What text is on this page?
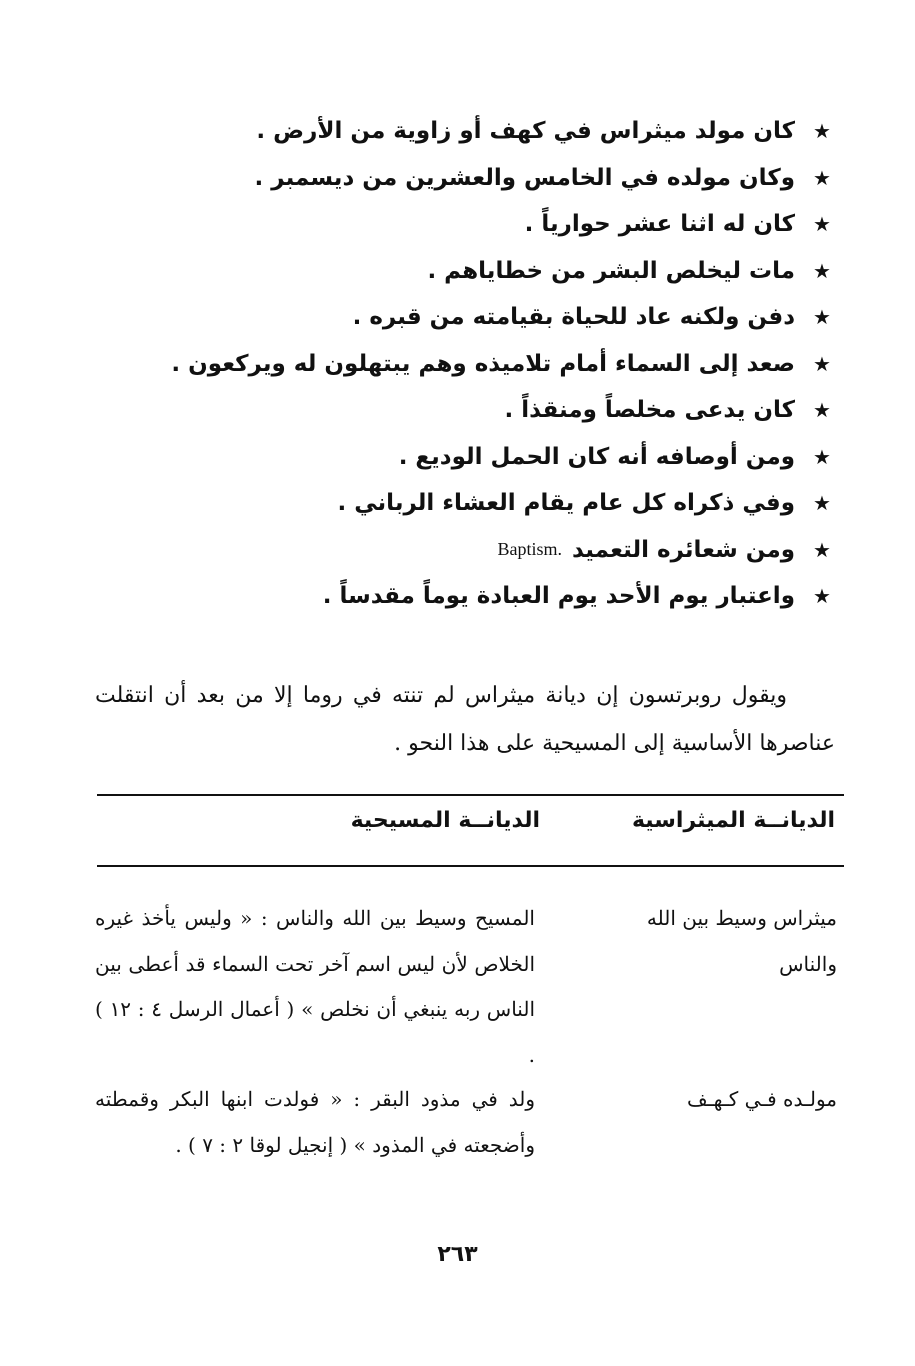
★
كان مولد ميثراس في كهف أو زاوية من الأرض .
★
وكان مولده في الخامس والعشرين من ديسمبر .
★
كان له اثنا عشر حوارياً .
★
مات ليخلص البشر من خطاياهم .
★
دفن ولكنه عاد للحياة بقيامته من قبره .
★
صعد إلى السماء أمام تلاميذه وهم يبتهلون له ويركعون .
★
كان يدعى مخلصاً ومنقذاً .
★
ومن أوصافه أنه كان الحمل الوديع .
★
وفي ذكراه كل عام يقام العشاء الرباني .
★
ومن شعائره التعميد
Baptism.
★
واعتبار يوم الأحد يوم العبادة يوماً مقدساً .

ويقول روبرتسون إن ديانة ميثراس لم تنته في روما إلا من بعد أن انتقلت عناصرها الأساسية إلى المسيحية على هذا النحو .

الديانــة الميثراسية
الديانــة المسيحية
ميثراس وسيط بين الله والناس
المسيح وسيط بين الله والناس : « وليس يأخذ غيره الخلاص لأن ليس اسم آخر تحت السماء قد أعطى بين الناس ربه ينبغي أن نخلص » ( أعمال الرسل ٤ : ١٢ ) .
مولـده فـي كـهـف
ولد في مذود البقر : « فولدت ابنها البكر وقمطته وأضجعته في المذود » ( إنجيل لوقا ٢ : ٧ ) .
٢٦٣
